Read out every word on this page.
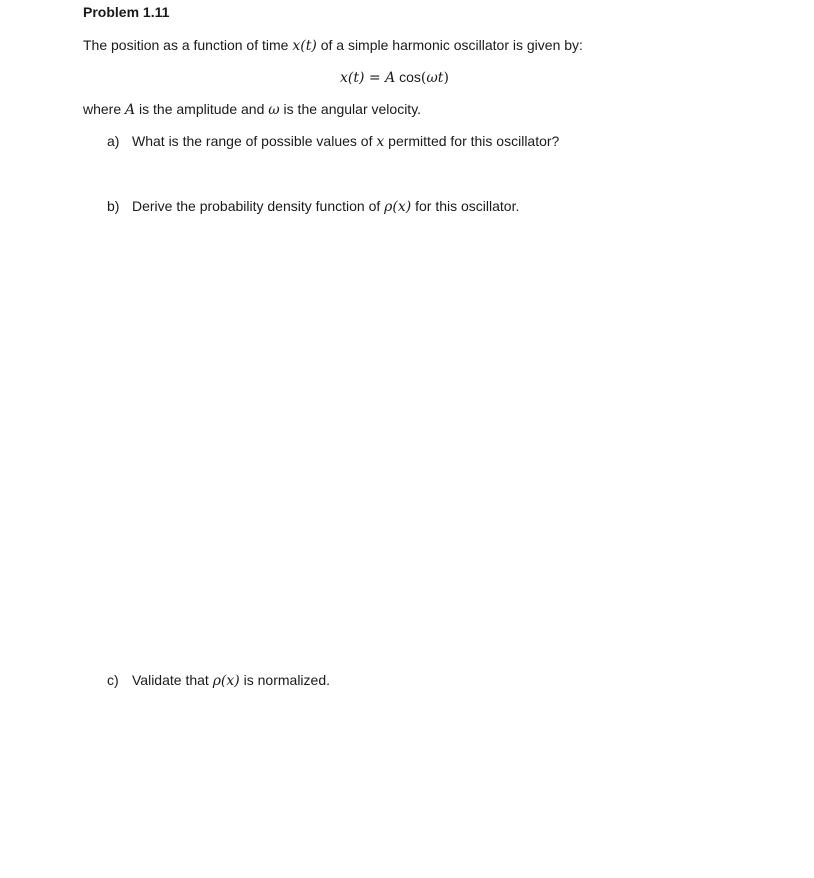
Problem 1.11
The position as a function of time x(t) of a simple harmonic oscillator is given by:
x(t) = A cos(ωt)
where A is the amplitude and ω is the angular velocity.
a) What is the range of possible values of x permitted for this oscillator?
b) Derive the probability density function of ρ(x) for this oscillator.
c) Validate that ρ(x) is normalized.
